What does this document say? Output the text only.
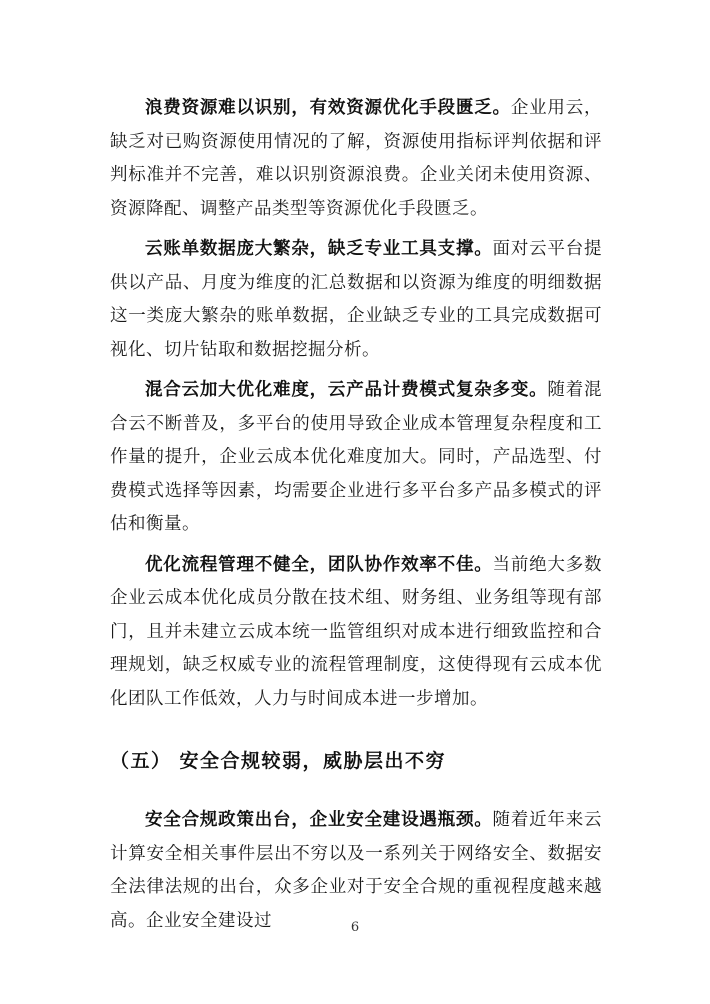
浪费资源难以识别，有效资源优化手段匮乏。企业用云，缺乏对已购资源使用情况的了解，资源使用指标评判依据和评判标准并不完善，难以识别资源浪费。企业关闭未使用资源、资源降配、调整产品类型等资源优化手段匮乏。

云账单数据庞大繁杂，缺乏专业工具支撑。面对云平台提供以产品、月度为维度的汇总数据和以资源为维度的明细数据这一类庞大繁杂的账单数据，企业缺乏专业的工具完成数据可视化、切片钻取和数据挖掘分析。

混合云加大优化难度，云产品计费模式复杂多变。随着混合云不断普及，多平台的使用导致企业成本管理复杂程度和工作量的提升，企业云成本优化难度加大。同时，产品选型、付费模式选择等因素，均需要企业进行多平台多产品多模式的评估和衡量。

优化流程管理不健全，团队协作效率不佳。当前绝大多数企业云成本优化成员分散在技术组、财务组、业务组等现有部门，且并未建立云成本统一监管组织对成本进行细致监控和合理规划，缺乏权威专业的流程管理制度，这使得现有云成本优化团队工作低效，人力与时间成本进一步增加。

（五） 安全合规较弱，威胁层出不穷

安全合规政策出台，企业安全建设遇瓶颈。随着近年来云计算安全相关事件层出不穷以及一系列关于网络安全、数据安全法律法规的出台，众多企业对于安全合规的重视程度越来越高。企业安全建设过	6
